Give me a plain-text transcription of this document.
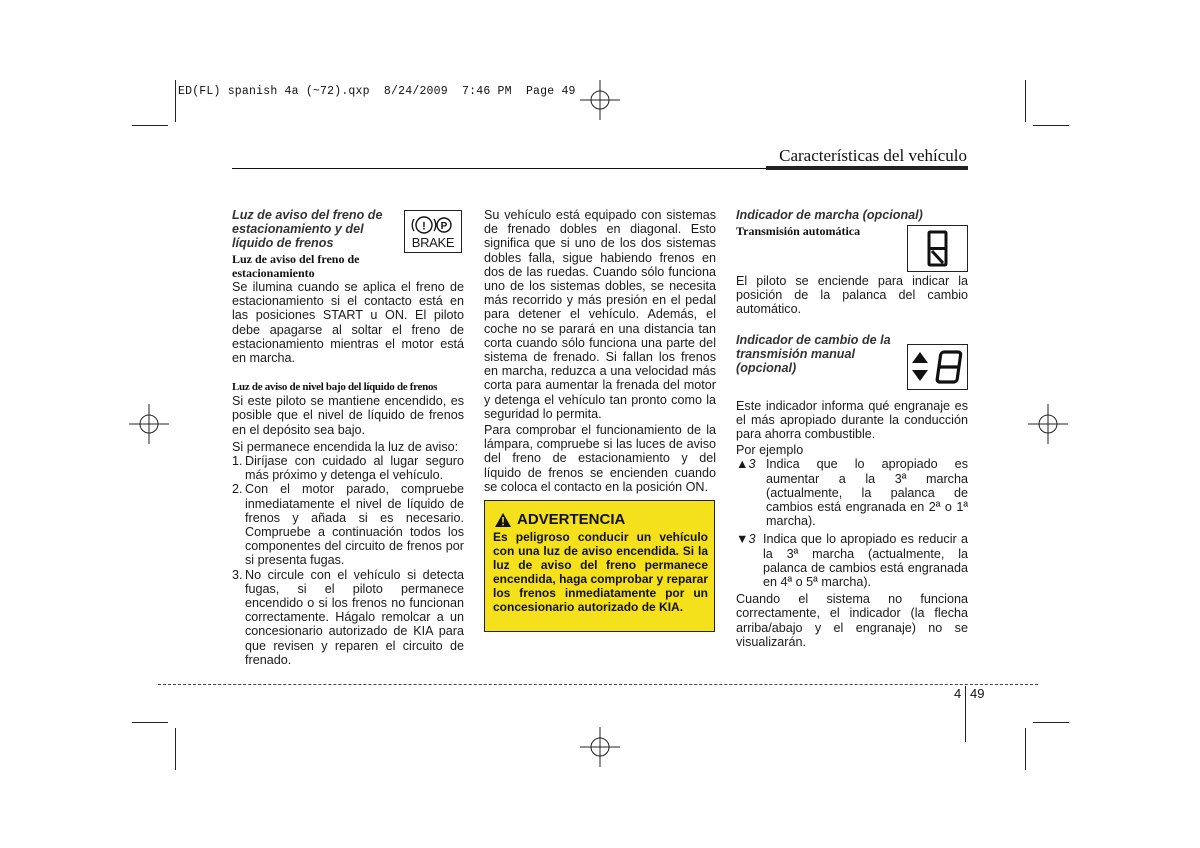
ED(FL) spanish 4a (~72).qxp  8/24/2009  7:46 PM  Page 49
Características del vehículo
Luz de aviso del freno de estacionamiento y del líquido de frenos
Luz de aviso del freno de estacionamiento

Se ilumina cuando se aplica el freno de estacionamiento si el contacto está en las posiciones START u ON. El piloto debe apagarse al soltar el freno de estacionamiento mientras el motor está en marcha.

Luz de aviso de nivel bajo del líquido de frenos

Si este piloto se mantiene encendido, es posible que el nivel de líquido de frenos en el depósito sea bajo.

Si permanece encendida la luz de aviso:

1. Diríjase con cuidado al lugar seguro más próximo y detenga el vehículo.
2. Con el motor parado, compruebe inmediatamente el nivel de líquido de frenos y añada si es necesario. Compruebe a continuación todos los componentes del circuito de frenos por si presenta fugas.
3. No circule con el vehículo si detecta fugas, si el piloto permanece encendido o si los frenos no funcionan correctamente. Hágalo remolcar a un concesionario autorizado de KIA para que revisen y reparen el circuito de frenado.
! P
BRAKE

Su vehículo está equipado con sistemas de frenado dobles en diagonal. Esto significa que si uno de los dos sistemas dobles falla, sigue habiendo frenos en dos de las ruedas. Cuando sólo funciona uno de los sistemas dobles, se necesita más recorrido y más presión en el pedal para detener el vehículo. Además, el coche no se parará en una distancia tan corta cuando sólo funciona una parte del sistema de frenado. Si fallan los frenos en marcha, reduzca a una velocidad más corta para aumentar la frenada del motor y detenga el vehículo tan pronto como la seguridad lo permita.

Para comprobar el funcionamiento de la lámpara, compruebe si las luces de aviso del freno de estacionamiento y del líquido de frenos se encienden cuando se coloca el contacto en la posición ON.

ADVERTENCIA
Es peligroso conducir un vehículo con una luz de aviso encendida. Si la luz de aviso del freno permanece encendida, haga comprobar y reparar los frenos inmediatamente por un concesionario autorizado de KIA.
Indicador de marcha (opcional)
Transmisión automática

El piloto se enciende para indicar la posición de la palanca del cambio automático.

Indicador de cambio de la transmisión manual (opcional)

Este indicador informa qué engranaje es el más apropiado durante la conducción para ahorra combustible.

Por ejemplo

▲3 Indica que lo apropiado es aumentar a la 3ª marcha (actualmente, la palanca de cambios está engranada en 2ª o 1ª marcha).
▼3 Indica que lo apropiado es reducir a la 3ª marcha (actualmente, la palanca de cambios está engranada en 4ª o 5ª marcha).

Cuando el sistema no funciona correctamente, el indicador (la flecha arriba/abajo y el engranaje) no se visualizarán.

4 49
